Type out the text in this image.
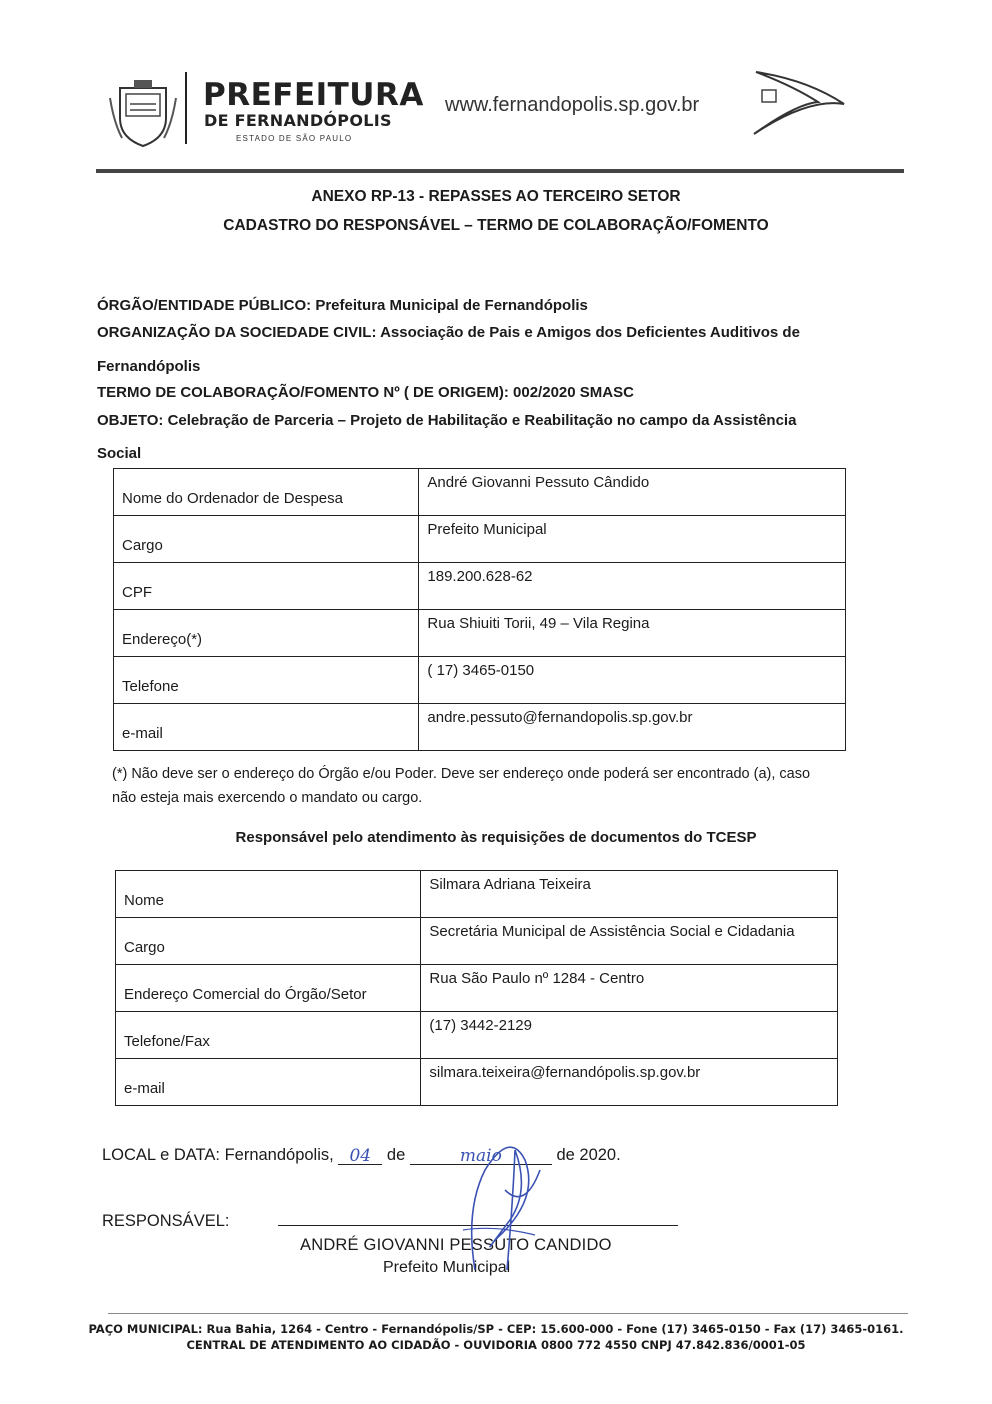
PREFEITURA
DE FERNANDÓPOLIS
ESTADO DE SÃO PAULO
www.fernandopolis.sp.gov.br
ANEXO RP-13 - REPASSES AO TERCEIRO SETOR
CADASTRO DO RESPONSÁVEL – TERMO DE COLABORAÇÃO/FOMENTO
ÓRGÃO/ENTIDADE PÚBLICO: Prefeitura Municipal de Fernandópolis
ORGANIZAÇÃO DA SOCIEDADE CIVIL: Associação de Pais e Amigos dos Deficientes Auditivos de
Fernandópolis
TERMO DE COLABORAÇÃO/FOMENTO Nº ( DE ORIGEM): 002/2020 SMASC
OBJETO: Celebração de Parceria – Projeto de Habilitação e Reabilitação no campo da Assistência
Social
Nome do Ordenador de Despesa	André Giovanni Pessuto Cândido
Cargo	Prefeito Municipal
CPF	189.200.628-62
Endereço(*)	Rua Shiuiti Torii, 49 – Vila Regina
Telefone	( 17) 3465-0150
e-mail	andre.pessuto@fernandopolis.sp.gov.br
(*) Não deve ser o endereço do Órgão e/ou Poder. Deve ser endereço onde poderá ser encontrado (a), caso
não esteja mais exercendo o mandato ou cargo.
Responsável pelo atendimento às requisições de documentos do TCESP
Nome	Silmara Adriana Teixeira
Cargo	Secretária Municipal de Assistência Social e Cidadania
Endereço Comercial do Órgão/Setor	Rua São Paulo nº 1284 - Centro
Telefone/Fax	(17) 3442-2129
e-mail	silmara.teixeira@fernandópolis.sp.gov.br
LOCAL e DATA: Fernandópolis, 04 de	maio	de 2020.
RESPONSÁVEL:
ANDRÉ GIOVANNI PESSUTO CANDIDO
Prefeito Municipal
PAÇO MUNICIPAL: Rua Bahia, 1264 - Centro - Fernandópolis/SP - CEP: 15.600-000 - Fone (17) 3465-0150 - Fax (17) 3465-0161.
CENTRAL DE ATENDIMENTO AO CIDADÃO - OUVIDORIA 0800 772 4550 CNPJ 47.842.836/0001-05
